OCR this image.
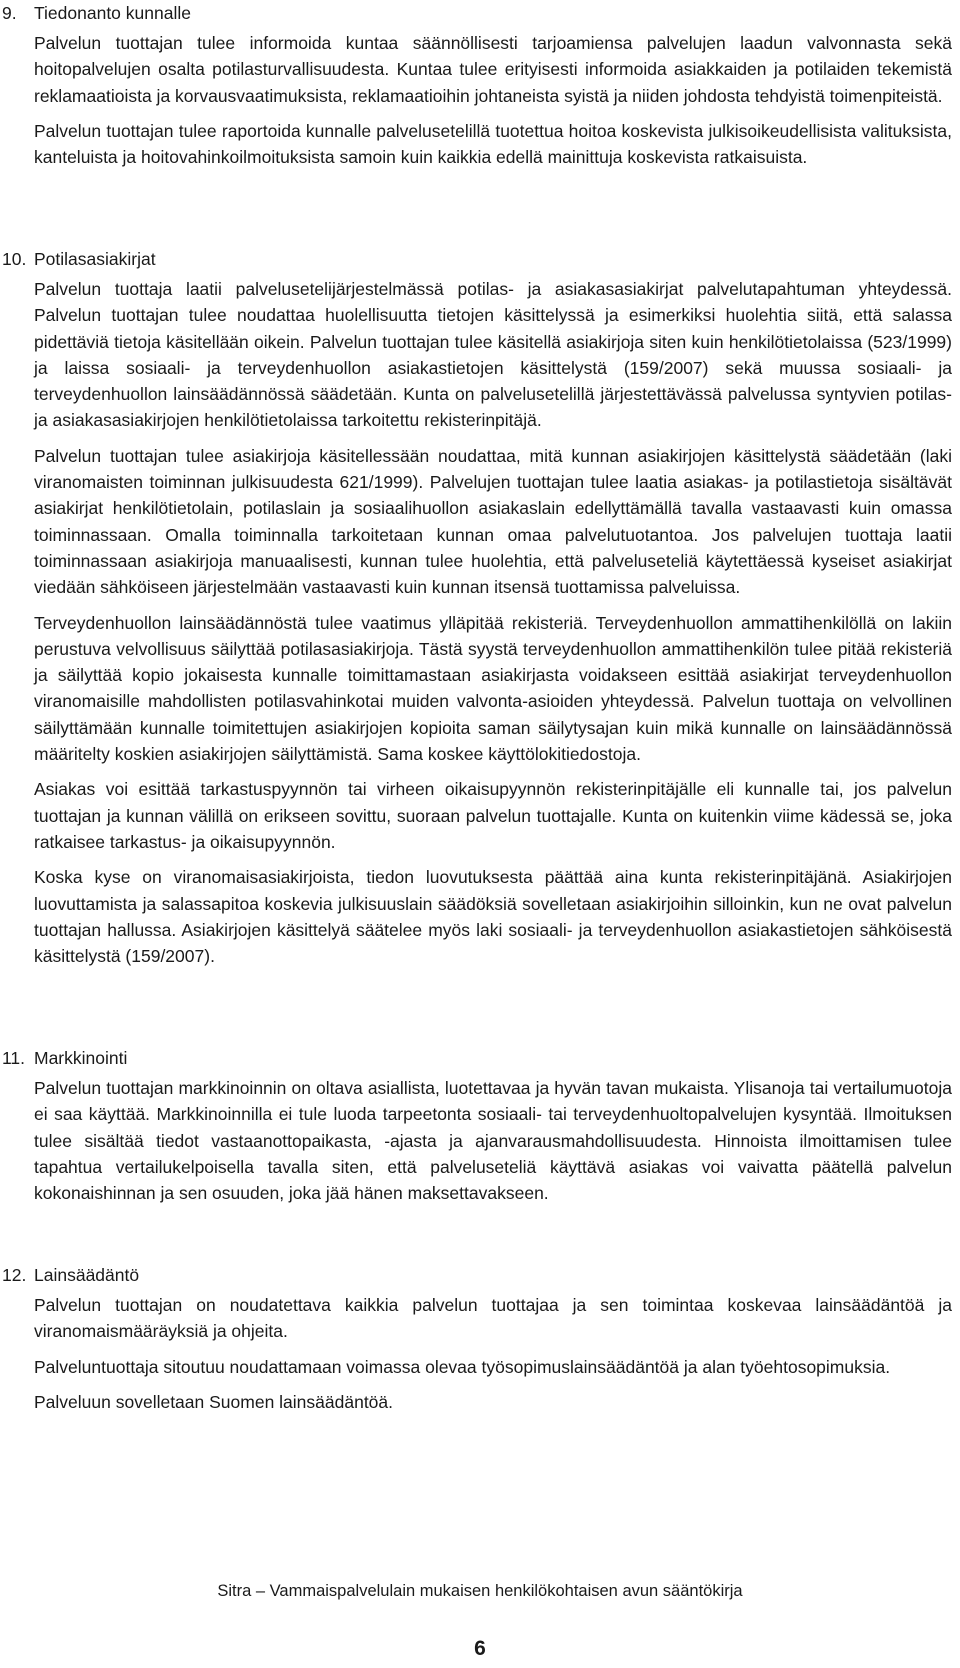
9. Tiedonanto kunnalle

Palvelun tuottajan tulee informoida kuntaa säännöllisesti tarjoamiensa palvelujen laadun valvonnasta sekä hoitopalvelujen osalta potilasturvallisuudesta. Kuntaa tulee erityisesti informoida asiakkaiden ja potilaiden tekemistä reklamaatioista ja korvausvaatimuksista, reklamaatioihin johtaneista syistä ja niiden johdosta tehdyistä toimenpiteistä.

Palvelun tuottajan tulee raportoida kunnalle palvelusetelillä tuotettua hoitoa koskevista julkisoikeudellisista valituksista, kanteluista ja hoitovahinkoilmoituksista samoin kuin kaikkia edellä mainittuja koskevista ratkaisuista.

10. Potilasasiakirjat

Palvelun tuottaja laatii palvelusetelijärjestelmässä potilas- ja asiakasasiakirjat palvelutapahtuman yhteydessä. Palvelun tuottajan tulee noudattaa huolellisuutta tietojen käsittelyssä ja esimerkiksi huolehtia siitä, että salassa pidettäviä tietoja käsitellään oikein. Palvelun tuottajan tulee käsitellä asiakirjoja siten kuin henkilötietolaissa (523/1999) ja laissa sosiaali- ja terveydenhuollon asiakastietojen käsittelystä (159/2007) sekä muussa sosiaali- ja terveydenhuollon lainsäädännössä säädetään. Kunta on palvelusetelillä järjestettävässä palvelussa syntyvien potilas- ja asiakasasiakirjojen henkilötietolaissa tarkoitettu rekisterinpitäjä.

Palvelun tuottajan tulee asiakirjoja käsitellessään noudattaa, mitä kunnan asiakirjojen käsittelystä säädetään (laki viranomaisten toiminnan julkisuudesta 621/1999). Palvelujen tuottajan tulee laatia asiakas- ja potilastietoja sisältävät asiakirjat henkilötietolain, potilaslain ja sosiaalihuollon asiakaslain edellyttämällä tavalla vastaavasti kuin omassa toiminnassaan. Omalla toiminnalla tarkoitetaan kunnan omaa palvelutuotantoa. Jos palvelujen tuottaja laatii toiminnassaan asiakirjoja manuaalisesti, kunnan tulee huolehtia, että palveluseteliä käytettäessä kyseiset asiakirjat viedään sähköiseen järjestelmään vastaavasti kuin kunnan itsensä tuottamissa palveluissa.

Terveydenhuollon lainsäädännöstä tulee vaatimus ylläpitää rekisteriä. Terveydenhuollon ammattihenkilöllä on lakiin perustuva velvollisuus säilyttää potilasasiakirjoja. Tästä syystä terveydenhuollon ammattihenkilön tulee pitää rekisteriä ja säilyttää kopio jokaisesta kunnalle toimittamastaan asiakirjasta voidakseen esittää asiakirjat terveydenhuollon viranomaisille mahdollisten potilasvahinkotai muiden valvonta-asioiden yhteydessä. Palvelun tuottaja on velvollinen säilyttämään kunnalle toimitettujen asiakirjojen kopioita saman säilytysajan kuin mikä kunnalle on lainsäädännössä määritelty koskien asiakirjojen säilyttämistä. Sama koskee käyttölokitiedostoja.

Asiakas voi esittää tarkastuspyynnön tai virheen oikaisupyynnön rekisterinpitäjälle eli kunnalle tai, jos palvelun tuottajan ja kunnan välillä on erikseen sovittu, suoraan palvelun tuottajalle. Kunta on kuitenkin viime kädessä se, joka ratkaisee tarkastus- ja oikaisupyynnön.

Koska kyse on viranomaisasiakirjoista, tiedon luovutuksesta päättää aina kunta rekisterinpitäjänä. Asiakirjojen luovuttamista ja salassapitoa koskevia julkisuuslain säädöksiä sovelletaan asiakirjoihin silloinkin, kun ne ovat palvelun tuottajan hallussa. Asiakirjojen käsittelyä säätelee myös laki sosiaali- ja terveydenhuollon asiakastietojen sähköisestä käsittelystä (159/2007).

11. Markkinointi

Palvelun tuottajan markkinoinnin on oltava asiallista, luotettavaa ja hyvän tavan mukaista. Ylisanoja tai vertailumuotoja ei saa käyttää. Markkinoinnilla ei tule luoda tarpeetonta sosiaali- tai terveydenhuoltopalvelujen kysyntää. Ilmoituksen tulee sisältää tiedot vastaanottopaikasta, -ajasta ja ajanvarausmahdollisuudesta. Hinnoista ilmoittamisen tulee tapahtua vertailukelpoisella tavalla siten, että palveluseteliä käyttävä asiakas voi vaivatta päätellä palvelun kokonaishinnan ja sen osuuden, joka jää hänen maksettavakseen.

12. Lainsäädäntö

Palvelun tuottajan on noudatettava kaikkia palvelun tuottajaa ja sen toimintaa koskevaa lainsäädäntöä ja viranomaismääräyksiä ja ohjeita.

Palveluntuottaja sitoutuu noudattamaan voimassa olevaa työsopimuslainsäädäntöä ja alan työehtosopimuksia.

Palveluun sovelletaan Suomen lainsäädäntöä.

Sitra – Vammaispalvelulain mukaisen henkilökohtaisen avun sääntökirja
6
